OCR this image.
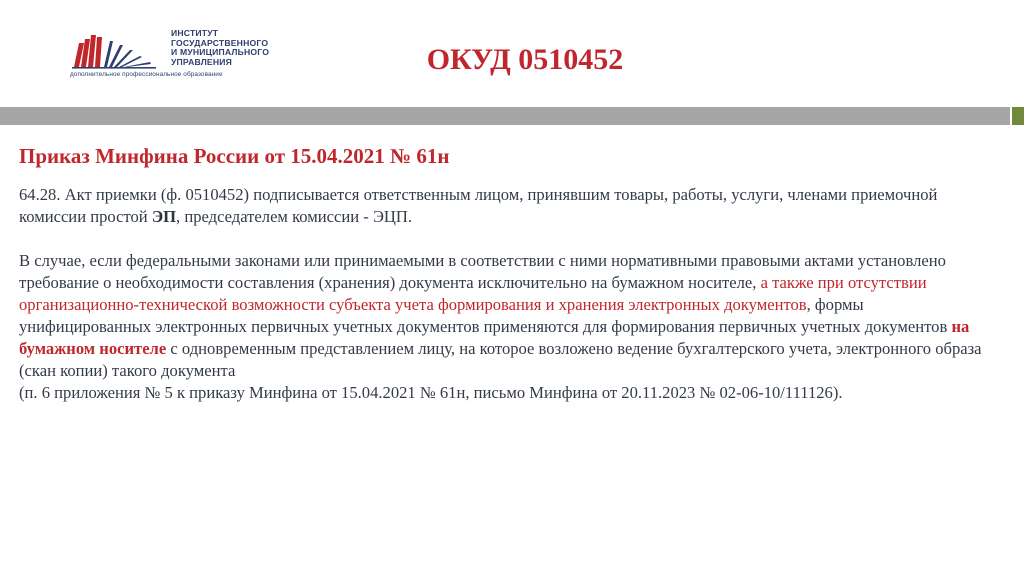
ИНСТИТУТ
ГОСУДАРСТВЕННОГО
И МУНИЦИПАЛЬНОГО
УПРАВЛЕНИЯ
дополнительное профессиональное образование	ОКУД 0510452
Приказ Минфина России от 15.04.2021 № 61н

64.28. Акт приемки (ф. 0510452) подписывается ответственным лицом, принявшим товары, работы, услуги, членами приемочной комиссии простой ЭП, председателем комиссии - ЭЦП.

В случае, если федеральными законами или принимаемыми в соответствии с ними нормативными правовыми актами установлено требование о необходимости составления (хранения) документа исключительно на бумажном носителе, а также при отсутствии организационно-технической возможности субъекта учета формирования и хранения электронных документов, формы унифицированных электронных первичных учетных документов применяются для формирования первичных учетных документов на бумажном носителе с одновременным представлением лицу, на которое возложено ведение бухгалтерского учета, электронного образа (скан копии) такого документа
(п. 6 приложения № 5 к приказу Минфина от 15.04.2021 № 61н, письмо Минфина от 20.11.2023 № 02-06-10/111126).
